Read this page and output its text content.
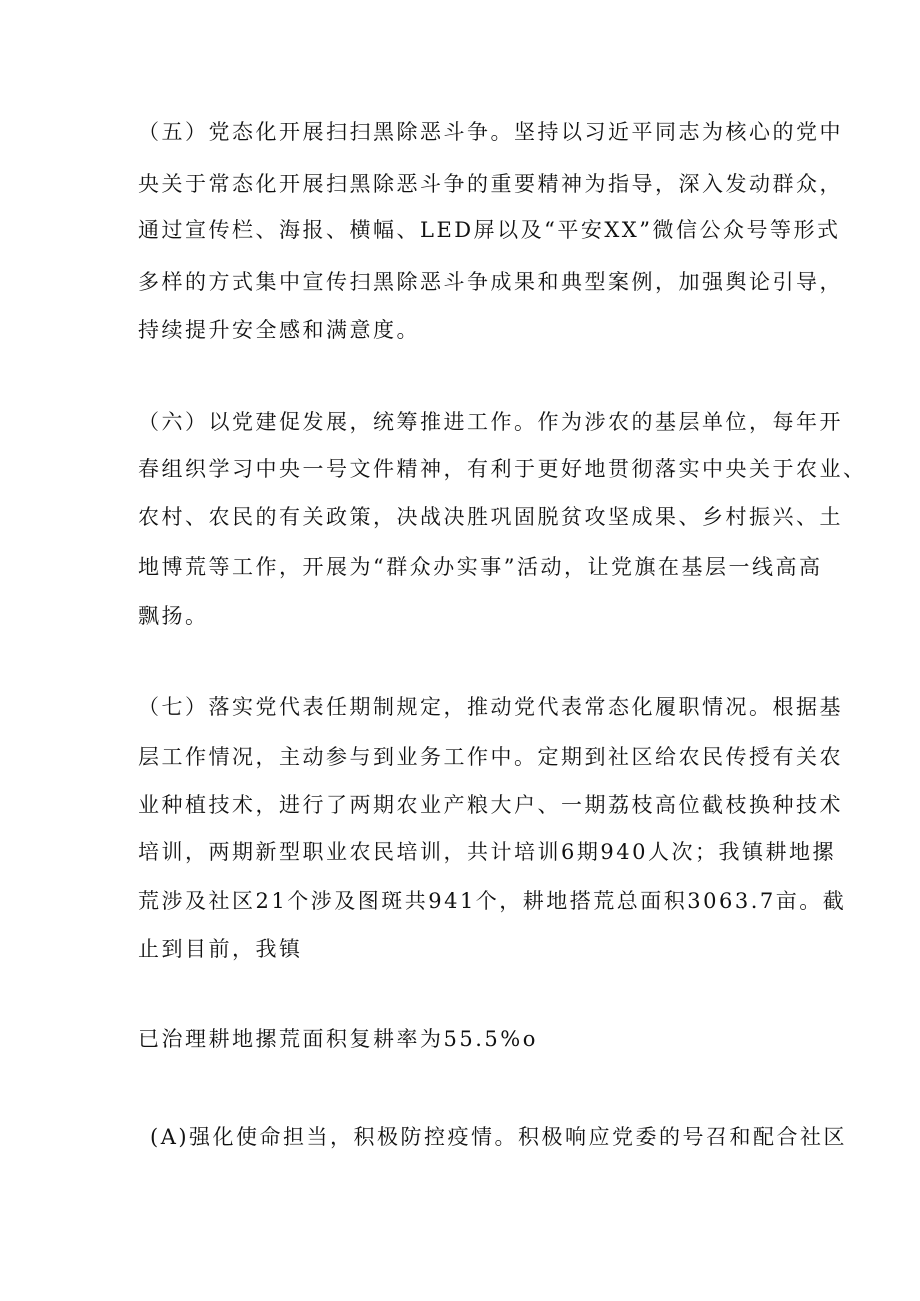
（五）党态化开展扫扫黑除恶斗争。坚持以习近平同志为核心的党中
央关于常态化开展扫黑除恶斗争的重要精神为指导，深入发动群众，
通过宣传栏、海报、横幅、LED屏以及“平安XX”微信公众号等形式
多样的方式集中宣传扫黑除恶斗争成果和典型案例，加强舆论引导，
持续提升安全感和满意度。
（六）以党建促发展，统筹推进工作。作为涉农的基层单位，每年开
春组织学习中央一号文件精神，有利于更好地贯彻落实中央关于农业、
农村、农民的有关政策，决战决胜巩固脱贫攻坚成果、乡村振兴、土
地博荒等工作，开展为“群众办实事”活动，让党旗在基层一线高高
飘扬。
（七）落实党代表任期制规定，推动党代表常态化履职情况。根据基
层工作情况，主动参与到业务工作中。定期到社区给农民传授有关农
业种植技术，进行了两期农业产粮大户、一期荔枝高位截枝换种技术
培训，两期新型职业农民培训，共计培训6期940人次；我镇耕地摞
荒涉及社区21个涉及图斑共941个，耕地搭荒总面积3063.7亩。截
止到目前，我镇
已治理耕地摞荒面积复耕率为55.5%o
(A)强化使命担当，积极防控疫情。积极响应党委的号召和配合社区
